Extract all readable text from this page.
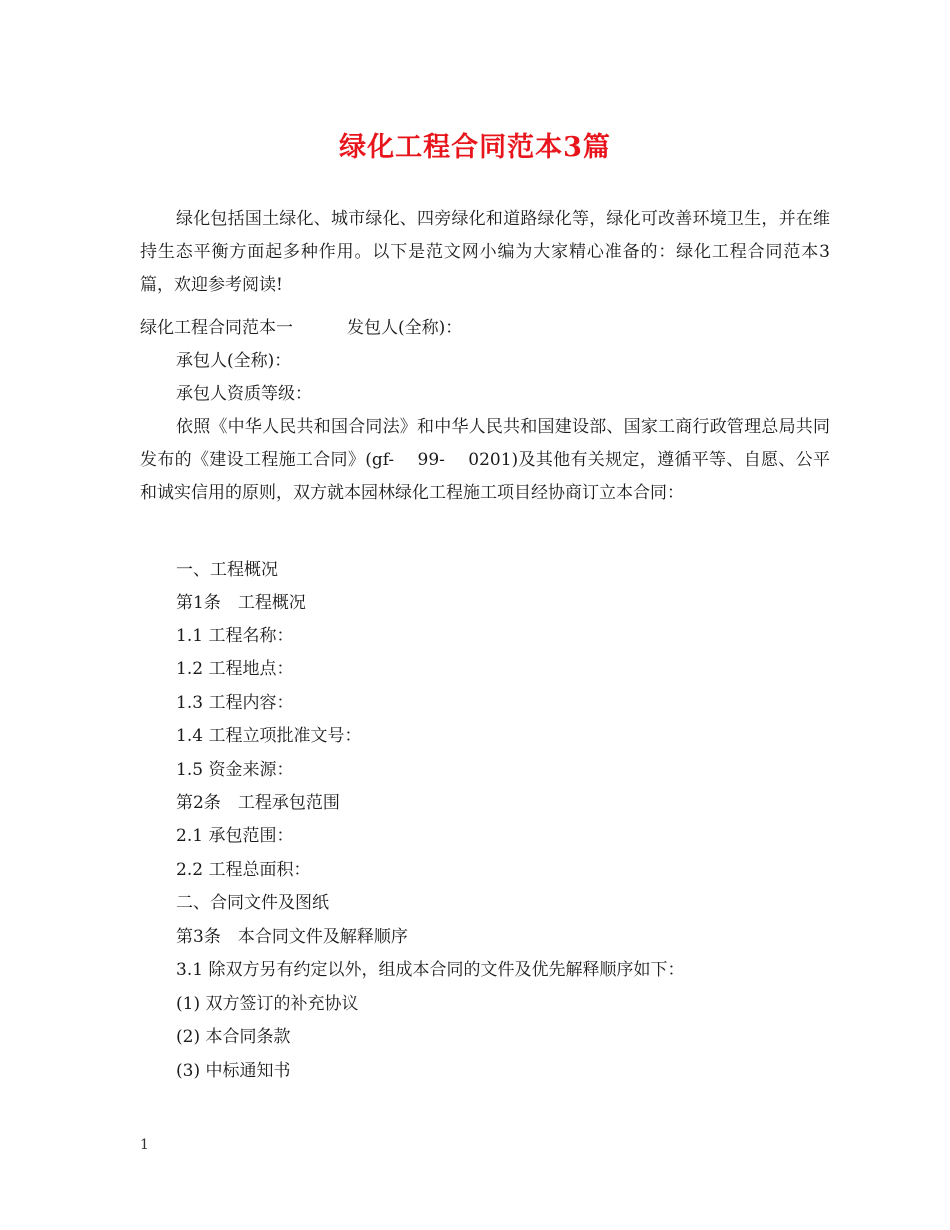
绿化工程合同范本3篇

绿化包括国土绿化、城市绿化、四旁绿化和道路绿化等，绿化可改善环境卫生，并在维持生态平衡方面起多种作用。以下是范文网小编为大家精心准备的：绿化工程合同范本3篇，欢迎参考阅读!

绿化工程合同范本一	发包人(全称)：
承包人(全称)：
承包人资质等级：

依照《中华人民共和国合同法》和中华人民共和国建设部、国家工商行政管理总局共同发布的《建设工程施工合同》(gf-　 99-　 0201)及其他有关规定，遵循平等、自愿、公平和诚实信用的原则，双方就本园林绿化工程施工项目经协商订立本合同：

一、工程概况
第1条　工程概况
1.1 工程名称：
1.2 工程地点：
1.3 工程内容：
1.4 工程立项批准文号：
1.5 资金来源：
第2条　工程承包范围
2.1 承包范围：
2.2 工程总面积：
二、合同文件及图纸
第3条　本合同文件及解释顺序
3.1 除双方另有约定以外，组成本合同的文件及优先解释顺序如下：
(1) 双方签订的补充协议
(2) 本合同条款
(3) 中标通知书
1
